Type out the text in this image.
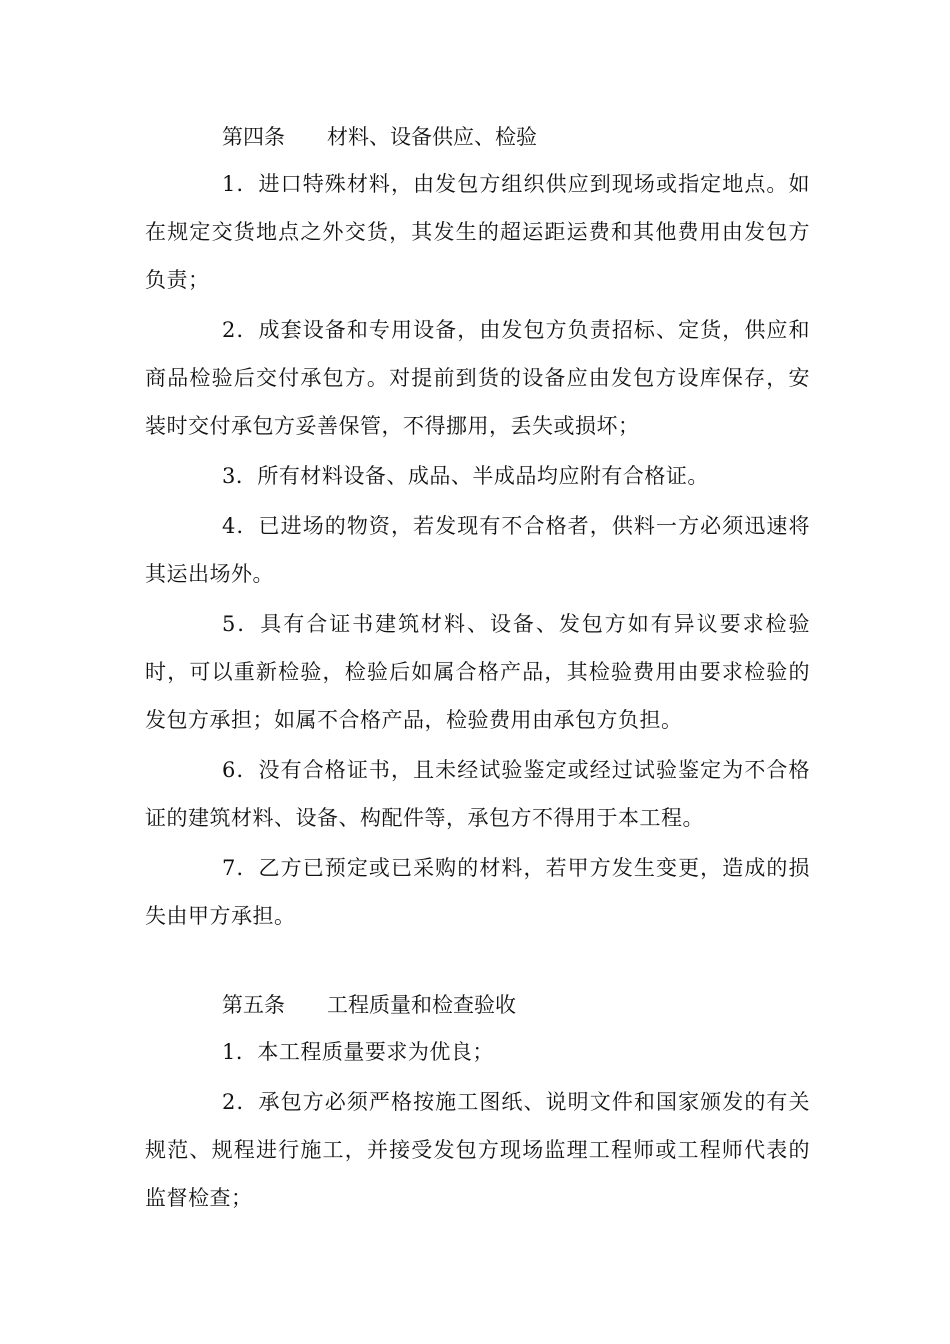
第四条 材料、设备供应、检验

1．进口特殊材料，由发包方组织供应到现场或指定地点。如在规定交货地点之外交货，其发生的超运距运费和其他费用由发包方负责；

2．成套设备和专用设备，由发包方负责招标、定货，供应和商品检验后交付承包方。对提前到货的设备应由发包方设库保存，安装时交付承包方妥善保管，不得挪用，丢失或损坏；

3．所有材料设备、成品、半成品均应附有合格证。

4．已进场的物资，若发现有不合格者，供料一方必须迅速将其运出场外。

5．具有合证书建筑材料、设备、发包方如有异议要求检验时，可以重新检验，检验后如属合格产品，其检验费用由要求检验的发包方承担；如属不合格产品，检验费用由承包方负担。

6．没有合格证书，且未经试验鉴定或经过试验鉴定为不合格证的建筑材料、设备、构配件等，承包方不得用于本工程。

7．乙方已预定或已采购的材料，若甲方发生变更，造成的损失由甲方承担。

第五条 工程质量和检查验收

1．本工程质量要求为优良；

2．承包方必须严格按施工图纸、说明文件和国家颁发的有关规范、规程进行施工，并接受发包方现场监理工程师或工程师代表的监督检查；
